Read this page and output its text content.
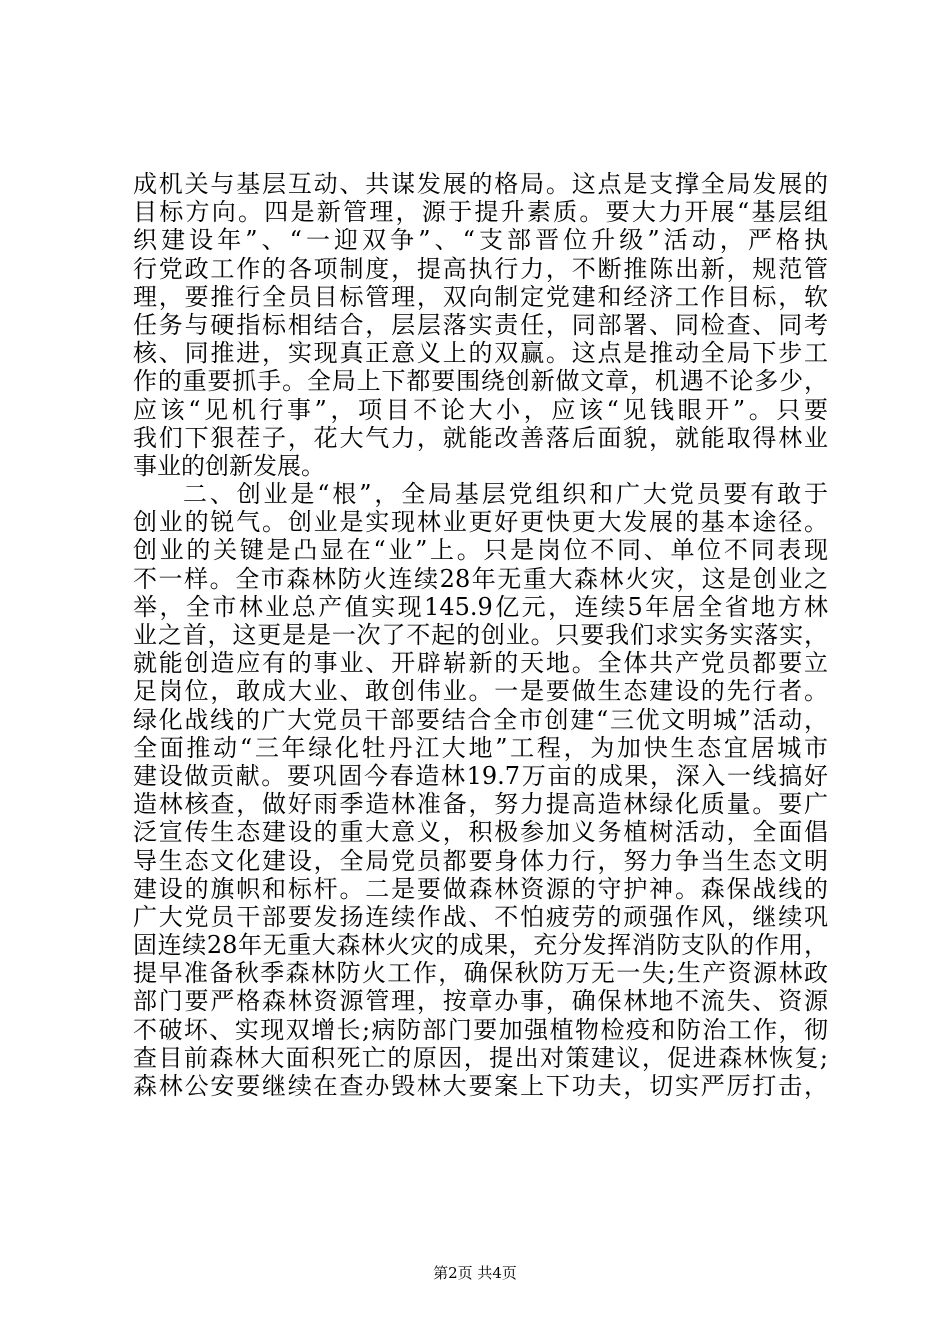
成机关与基层互动、共谋发展的格局。这点是支撑全局发展的
目标方向。四是新管理，源于提升素质。要大力开展“基层组
织建设年”、“一迎双争”、“支部晋位升级”活动，严格执
行党政工作的各项制度，提高执行力，不断推陈出新，规范管
理，要推行全员目标管理，双向制定党建和经济工作目标，软
任务与硬指标相结合，层层落实责任，同部署、同检查、同考
核、同推进，实现真正意义上的双赢。这点是推动全局下步工
作的重要抓手。全局上下都要围绕创新做文章，机遇不论多少，
应该“见机行事”，项目不论大小，应该“见钱眼开”。只要
我们下狠茬子，花大气力，就能改善落后面貌，就能取得林业
事业的创新发展。
二、创业是“根”，全局基层党组织和广大党员要有敢于
创业的锐气。创业是实现林业更好更快更大发展的基本途径。
创业的关键是凸显在“业”上。只是岗位不同、单位不同表现
不一样。全市森林防火连续28年无重大森林火灾，这是创业之
举，全市林业总产值实现145.9亿元，连续5年居全省地方林
业之首，这更是是一次了不起的创业。只要我们求实务实落实，
就能创造应有的事业、开辟崭新的天地。全体共产党员都要立
足岗位，敢成大业、敢创伟业。一是要做生态建设的先行者。
绿化战线的广大党员干部要结合全市创建“三优文明城”活动，
全面推动“三年绿化牡丹江大地”工程，为加快生态宜居城市
建设做贡献。要巩固今春造林19.7万亩的成果，深入一线搞好
造林核查，做好雨季造林准备，努力提高造林绿化质量。要广
泛宣传生态建设的重大意义，积极参加义务植树活动，全面倡
导生态文化建设，全局党员都要身体力行，努力争当生态文明
建设的旗帜和标杆。二是要做森林资源的守护神。森保战线的
广大党员干部要发扬连续作战、不怕疲劳的顽强作风，继续巩
固连续28年无重大森林火灾的成果，充分发挥消防支队的作用，
提早准备秋季森林防火工作，确保秋防万无一失;生产资源林政
部门要严格森林资源管理，按章办事，确保林地不流失、资源
不破坏、实现双增长;病防部门要加强植物检疫和防治工作，彻
查目前森林大面积死亡的原因，提出对策建议，促进森林恢复;
森林公安要继续在查办毁林大要案上下功夫，切实严厉打击，
第2页 共4页
